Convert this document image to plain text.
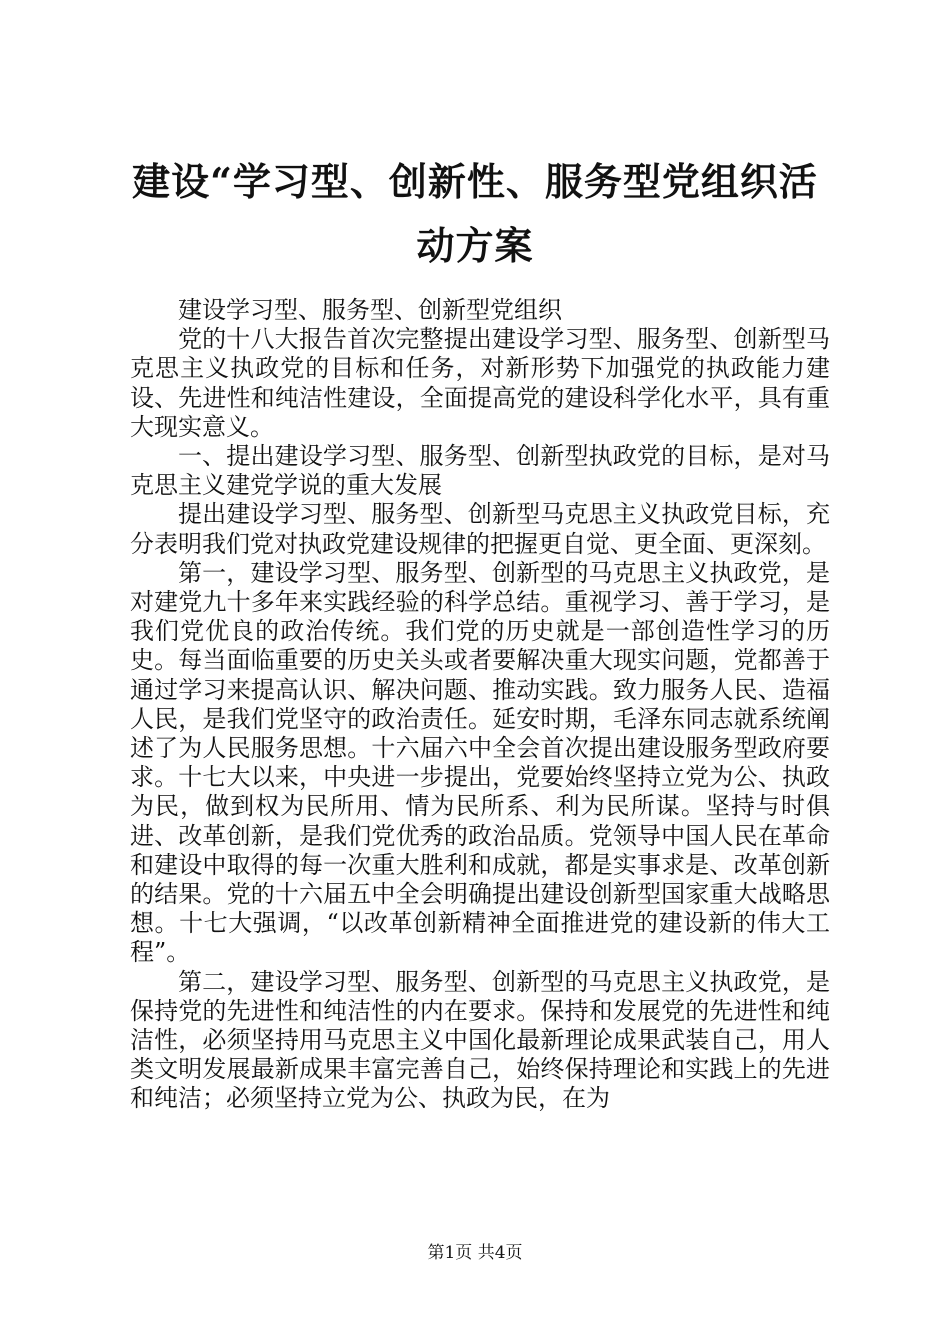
建设“学习型、创新性、服务型党组织活动方案

建设学习型、服务型、创新型党组织

党的十八大报告首次完整提出建设学习型、服务型、创新型马克思主义执政党的目标和任务，对新形势下加强党的执政能力建设、先进性和纯洁性建设，全面提高党的建设科学化水平，具有重大现实意义。

一、提出建设学习型、服务型、创新型执政党的目标，是对马克思主义建党学说的重大发展

提出建设学习型、服务型、创新型马克思主义执政党目标，充分表明我们党对执政党建设规律的把握更自觉、更全面、更深刻。

第一，建设学习型、服务型、创新型的马克思主义执政党，是对建党九十多年来实践经验的科学总结。重视学习、善于学习，是我们党优良的政治传统。我们党的历史就是一部创造性学习的历史。每当面临重要的历史关头或者要解决重大现实问题，党都善于通过学习来提高认识、解决问题、推动实践。致力服务人民、造福人民，是我们党坚守的政治责任。延安时期，毛泽东同志就系统阐述了为人民服务思想。十六届六中全会首次提出建设服务型政府要求。十七大以来，中央进一步提出，党要始终坚持立党为公、执政为民，做到权为民所用、情为民所系、利为民所谋。坚持与时俱进、改革创新，是我们党优秀的政治品质。党领导中国人民在革命和建设中取得的每一次重大胜利和成就，都是实事求是、改革创新的结果。党的十六届五中全会明确提出建设创新型国家重大战略思想。十七大强调，“以改革创新精神全面推进党的建设新的伟大工程”。

第二，建设学习型、服务型、创新型的马克思主义执政党，是保持党的先进性和纯洁性的内在要求。保持和发展党的先进性和纯洁性，必须坚持用马克思主义中国化最新理论成果武装自己，用人类文明发展最新成果丰富完善自己，始终保持理论和实践上的先进和纯洁；必须坚持立党为公、执政为民，在为

第1页 共4页
